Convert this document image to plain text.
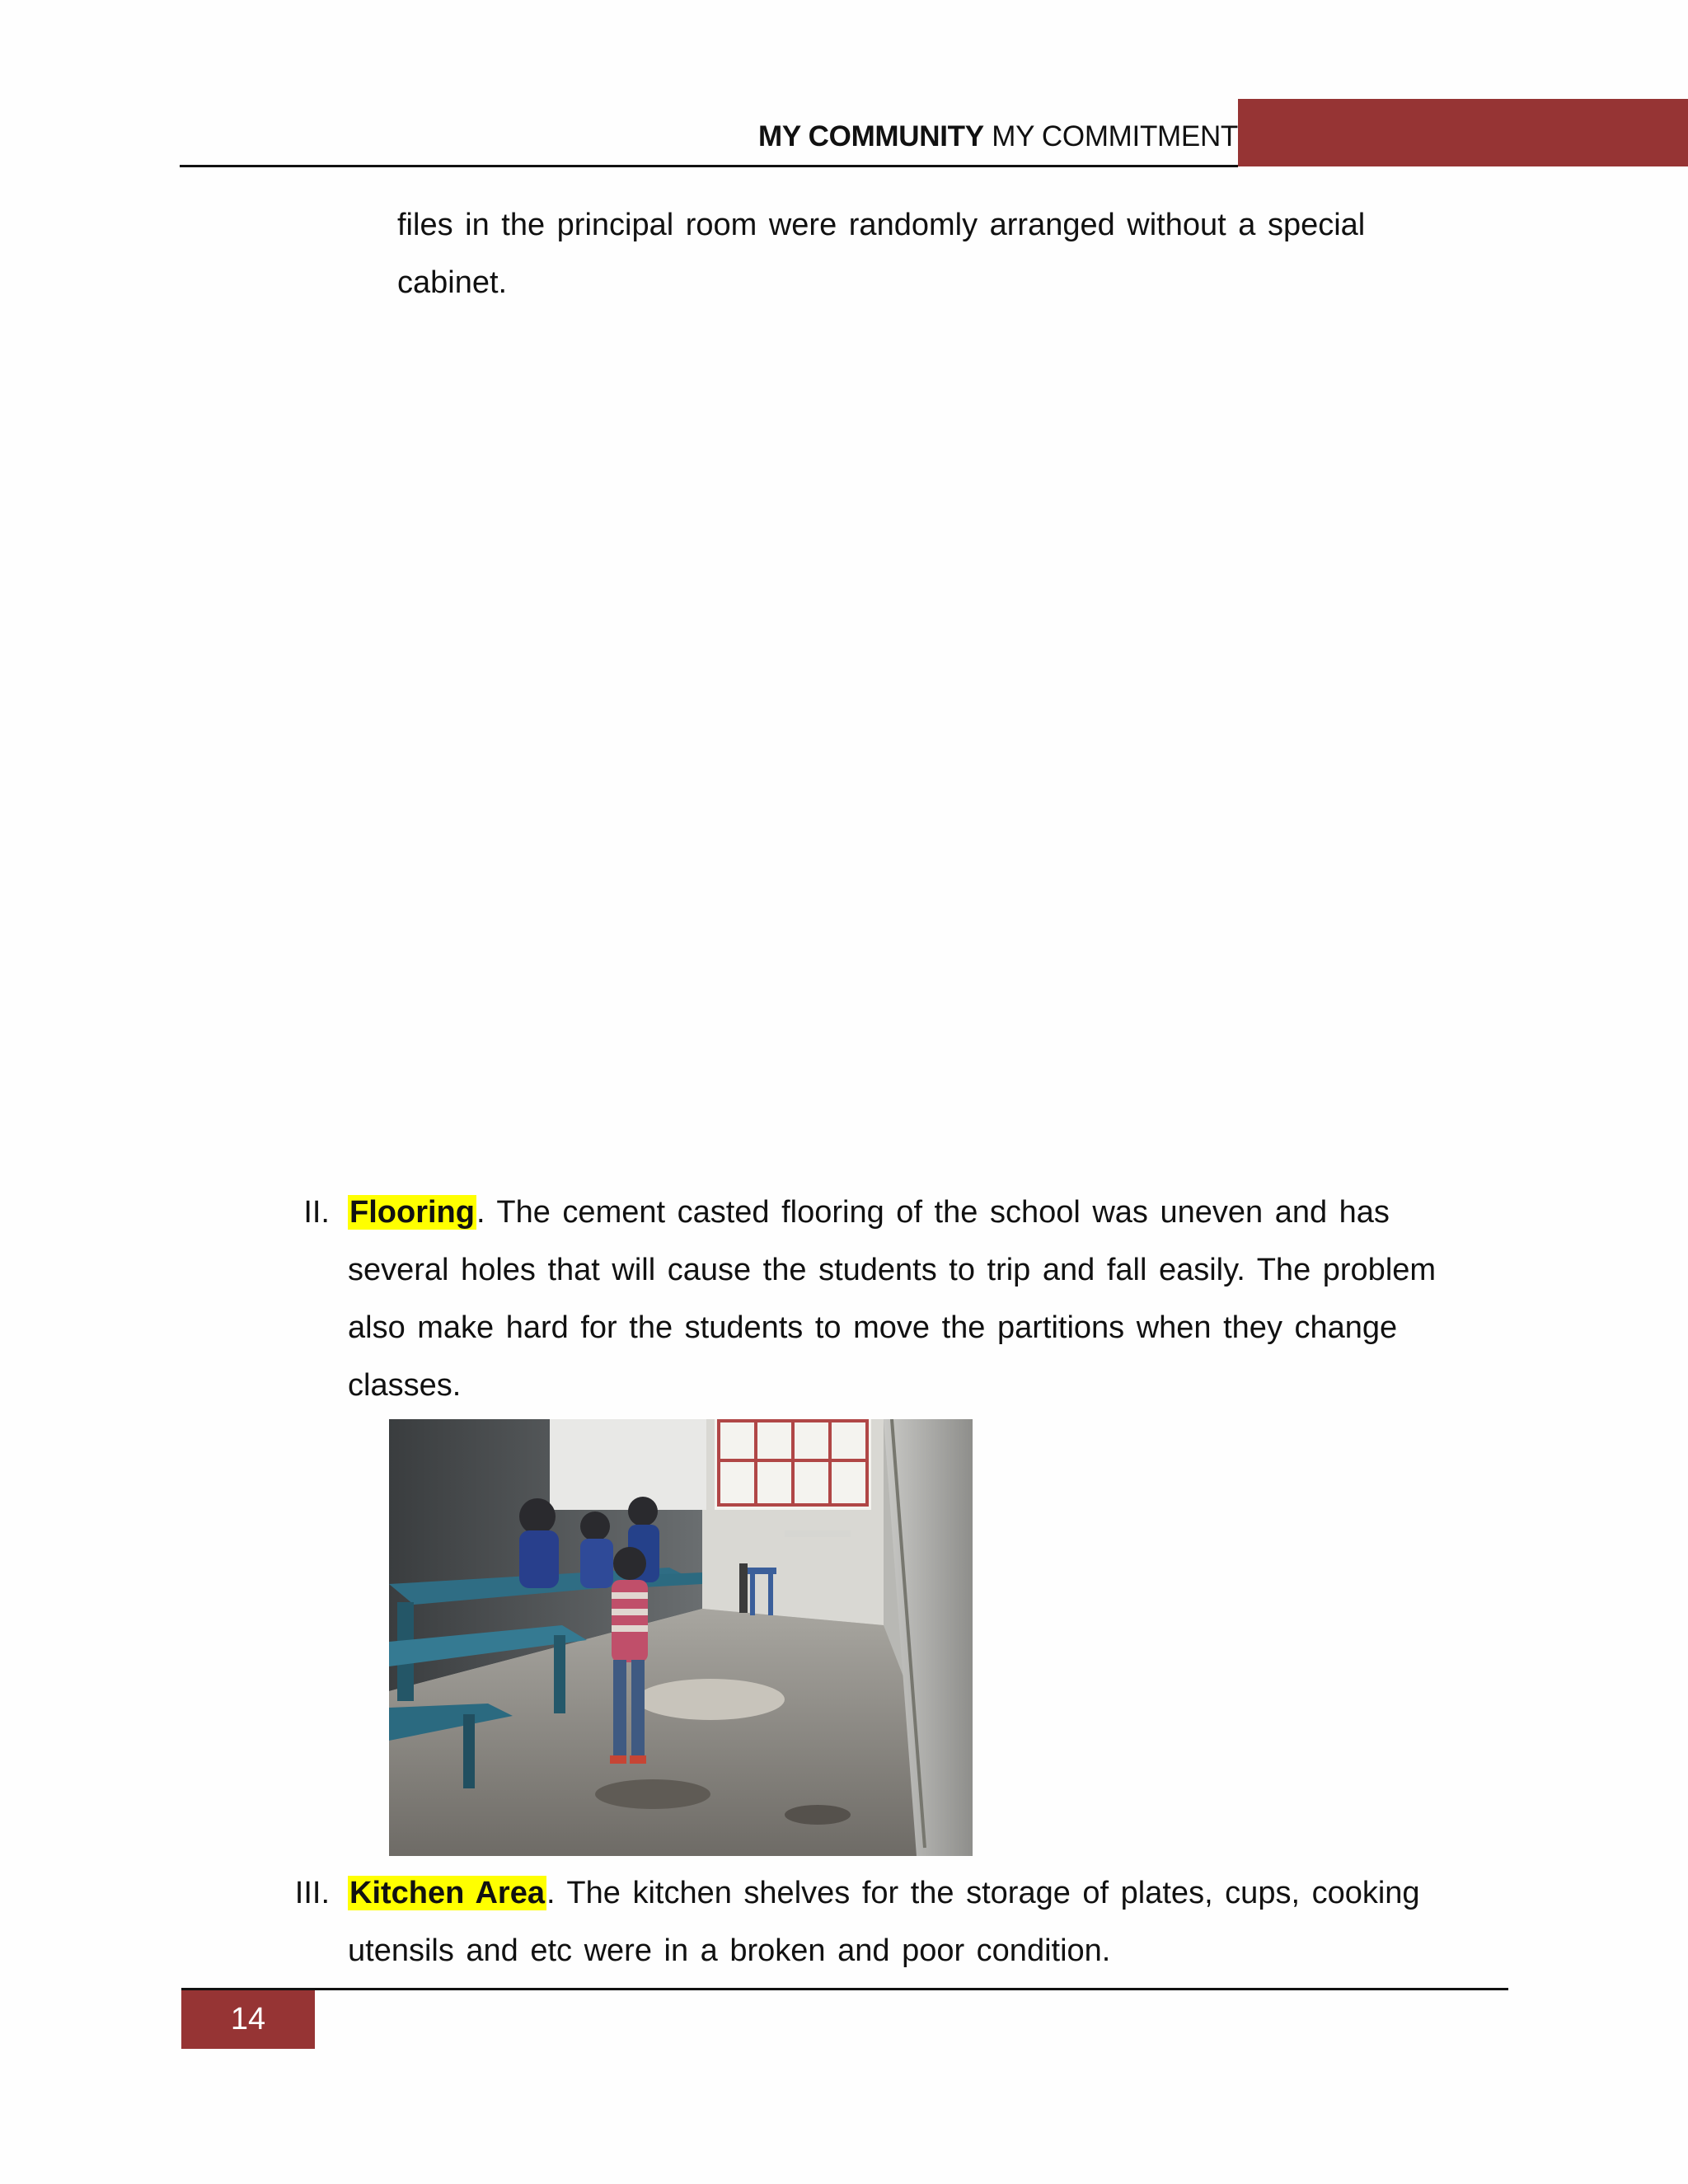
MY COMMUNITY MY COMMITMENT

files in the principal room were randomly arranged without a special cabinet.

II. Flooring. The cement casted flooring of the school was uneven and has several holes that will cause the students to trip and fall easily. The problem also make hard for the students to move the partitions when they change classes.
III. Kitchen Area. The kitchen shelves for the storage of plates, cups, cooking utensils and etc were in a broken and poor condition.
14
